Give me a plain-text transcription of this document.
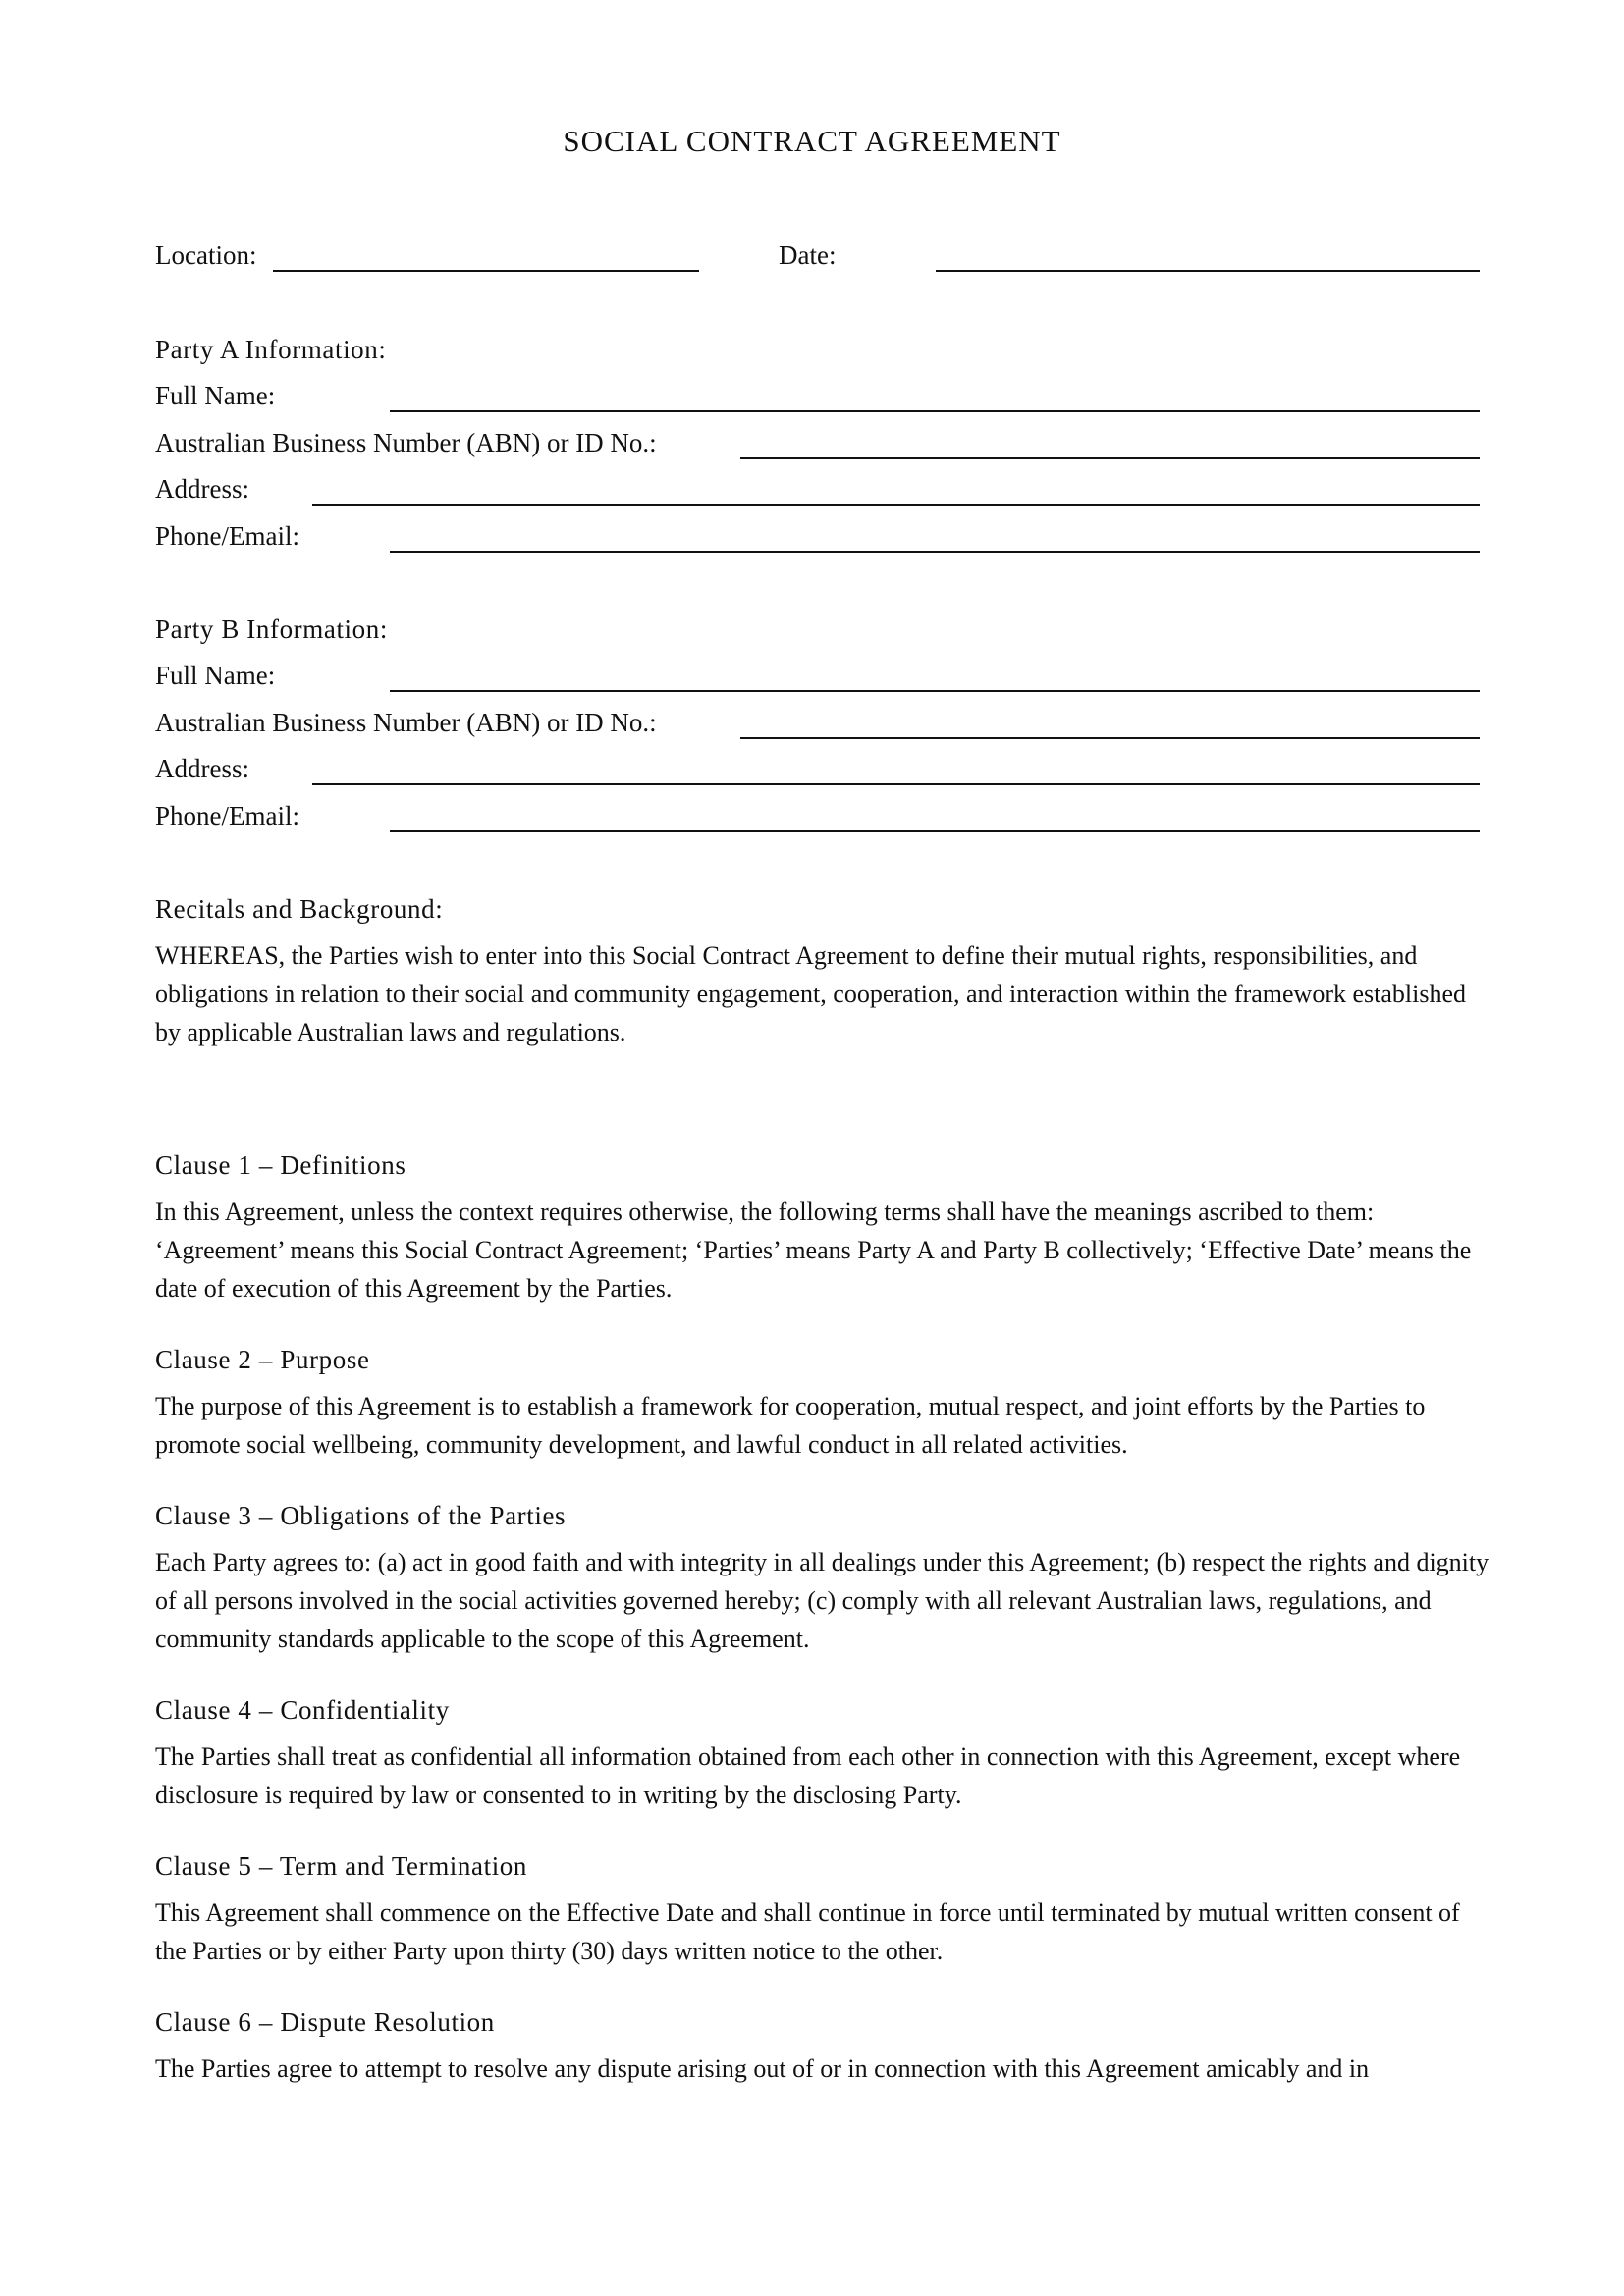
SOCIAL CONTRACT AGREEMENT
Location:	Date:
Party A Information:
Full Name:
Australian Business Number (ABN) or ID No.:
Address:
Phone/Email:
Party B Information:
Full Name:
Australian Business Number (ABN) or ID No.:
Address:
Phone/Email:
Recitals and Background:
WHEREAS, the Parties wish to enter into this Social Contract Agreement to define their mutual rights, responsibilities, and obligations in relation to their social and community engagement, cooperation, and interaction within the framework established by applicable Australian laws and regulations.
Clause 1 – Definitions
In this Agreement, unless the context requires otherwise, the following terms shall have the meanings ascribed to them: ‘Agreement’ means this Social Contract Agreement; ‘Parties’ means Party A and Party B collectively; ‘Effective Date’ means the date of execution of this Agreement by the Parties.
Clause 2 – Purpose
The purpose of this Agreement is to establish a framework for cooperation, mutual respect, and joint efforts by the Parties to promote social wellbeing, community development, and lawful conduct in all related activities.
Clause 3 – Obligations of the Parties
Each Party agrees to: (a) act in good faith and with integrity in all dealings under this Agreement; (b) respect the rights and dignity of all persons involved in the social activities governed hereby; (c) comply with all relevant Australian laws, regulations, and community standards applicable to the scope of this Agreement.
Clause 4 – Confidentiality
The Parties shall treat as confidential all information obtained from each other in connection with this Agreement, except where disclosure is required by law or consented to in writing by the disclosing Party.
Clause 5 – Term and Termination
This Agreement shall commence on the Effective Date and shall continue in force until terminated by mutual written consent of the Parties or by either Party upon thirty (30) days written notice to the other.
Clause 6 – Dispute Resolution
The Parties agree to attempt to resolve any dispute arising out of or in connection with this Agreement amicably and in
